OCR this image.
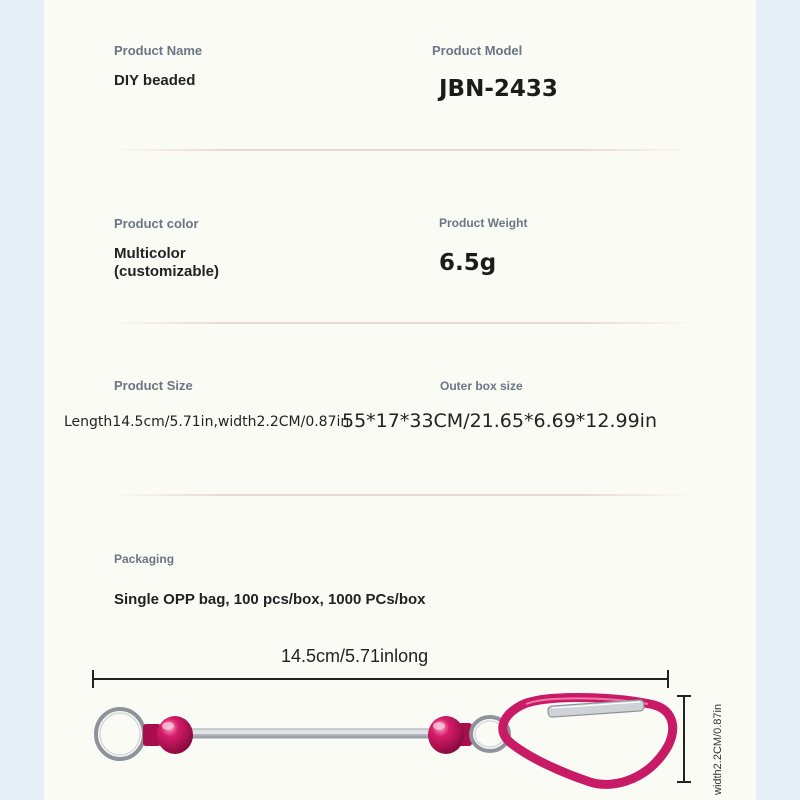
Product Name
DIY beaded
Product Model
JBN-2433
Product color
Multicolor
(customizable)
Product Weight
6.5g
Product Size	Outer box size
Length14.5cm/5.71in,width2.2CM/0.87in
55*17*33CM/21.65*6.69*12.99in
Packaging
Single OPP bag, 100 pcs/box, 1000 PCs/box
14.5cm/5.71inlong
width2.2CM/0.87in
